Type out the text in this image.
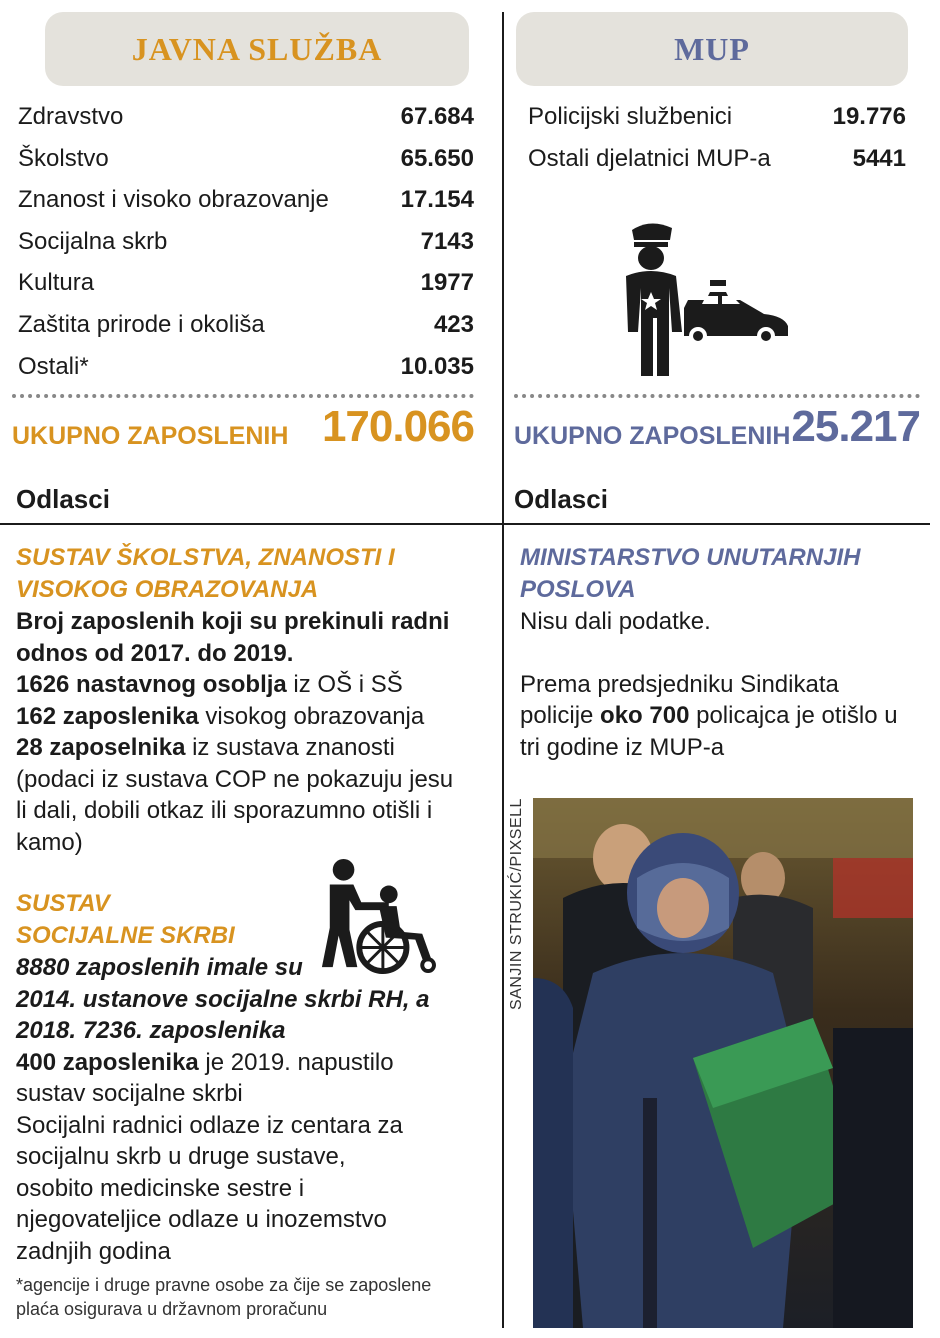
JAVNA SLUŽBA
Zdravstvo	67.684
Školstvo	65.650
Znanost i visoko obrazovanje	17.154
Socijalna skrb	7143
Kultura	1977
Zaštita prirode i okoliša	423
Ostali*	10.035
UKUPNO ZAPOSLENIH 170.066
Odlasci
SUSTAV ŠKOLSTVA, ZNANOSTI I
VISOKOG OBRAZOVANJA
Broj zaposlenih koji su prekinuli radni
odnos od 2017. do 2019.
1626 nastavnog osoblja iz OŠ i SŠ
162 zaposlenika visokog obrazovanja
28 zaposelnika iz sustava znanosti
(podaci iz sustava COP ne pokazuju jesu
li dali, dobili otkaz ili sporazumno otišli i
kamo)
SUSTAV
SOCIJALNE SKRBI
8880 zaposlenih imale su
2014. ustanove socijalne skrbi RH, a
2018. 7236. zaposlenika
400 zaposlenika je 2019. napustilo
sustav socijalne skrbi
Socijalni radnici odlaze iz centara za
socijalnu skrb u druge sustave,
osobito medicinske sestre i
njegovateljice odlaze u inozemstvo
zadnjih godina
*agencije i druge pravne osobe za čije se zaposlene
plaća osigurava u državnom proračunu
MUP
Policijski službenici	19.776
Ostali djelatnici MUP-a	5441
UKUPNO ZAPOSLENIH 25.217
Odlasci
MINISTARSTVO UNUTARNJIH
POSLOVA
Nisu dali podatke.
Prema predsjedniku Sindikata
policije oko 700 policajca je otišlo u
tri godine iz MUP-a
SANJIN STRUKIĆ/PIXSELL
